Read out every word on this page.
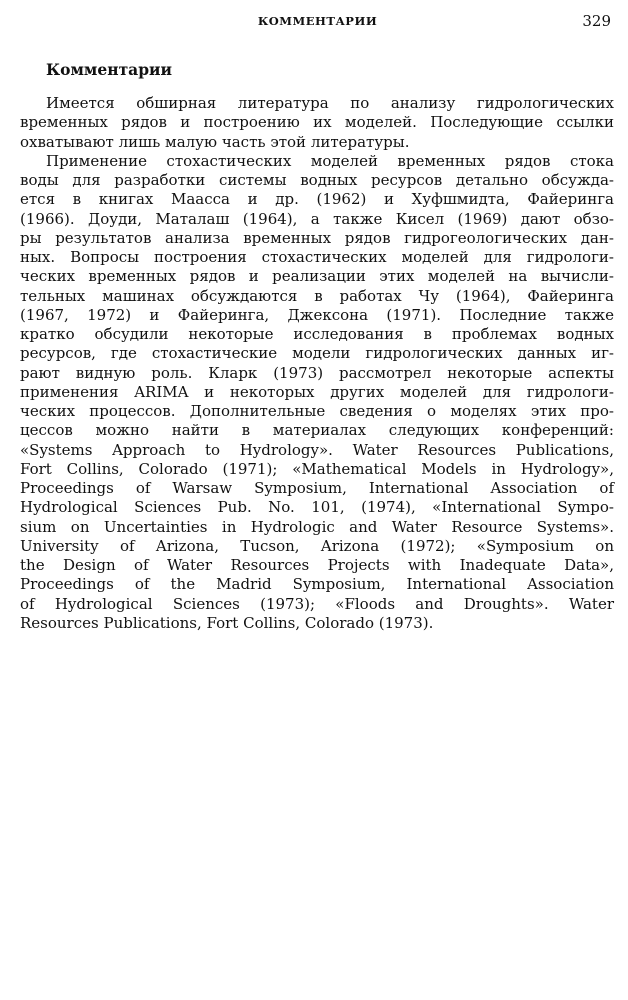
КОММЕНТАРИИ	329
Комментарии
Имеется обширная литература по анализу гидрологических
временных рядов и построению их моделей. Последующие ссылки
охватывают лишь малую часть этой литературы.
Применение стохастических моделей временных рядов стока
воды для разработки системы водных ресурсов детально обсужда-
ется в книгах Маасса и др. (1962) и Хуфшмидта, Файеринга
(1966). Доуди, Маталаш (1964), а также Кисел (1969) дают обзо-
ры результатов анализа временных рядов гидрогеологических дан-
ных. Вопросы построения стохастических моделей для гидрологи-
ческих временных рядов и реализации этих моделей на вычисли-
тельных машинах обсуждаются в работах Чу (1964), Файеринга
(1967, 1972) и Файеринга, Джексона (1971). Последние также
кратко обсудили некоторые исследования в проблемах водных
ресурсов, где стохастические модели гидрологических данных иг-
рают видную роль. Кларк (1973) рассмотрел некоторые аспекты
применения ARIMA и некоторых других моделей для гидрологи-
ческих процессов. Дополнительные сведения о моделях этих про-
цессов можно найти в материалах следующих конференций:
«Systems Approach to Hydrology». Water Resources Publications,
Fort Collins, Colorado (1971); «Mathematical Models in Hydrology»,
Proceedings of Warsaw Symposium, International Association of
Hydrological Sciences Pub. No. 101, (1974), «International Sympo-
sium on Uncertainties in Hydrologic and Water Resource Systems».
University of Arizona, Tucson, Arizona (1972); «Symposium on
the Design of Water Resources Projects with Inadequate Data»,
Proceedings of the Madrid Symposium, International Association
of Hydrological Sciences (1973); «Floods and Droughts». Water
Resources Publications, Fort Collins, Colorado (1973).
